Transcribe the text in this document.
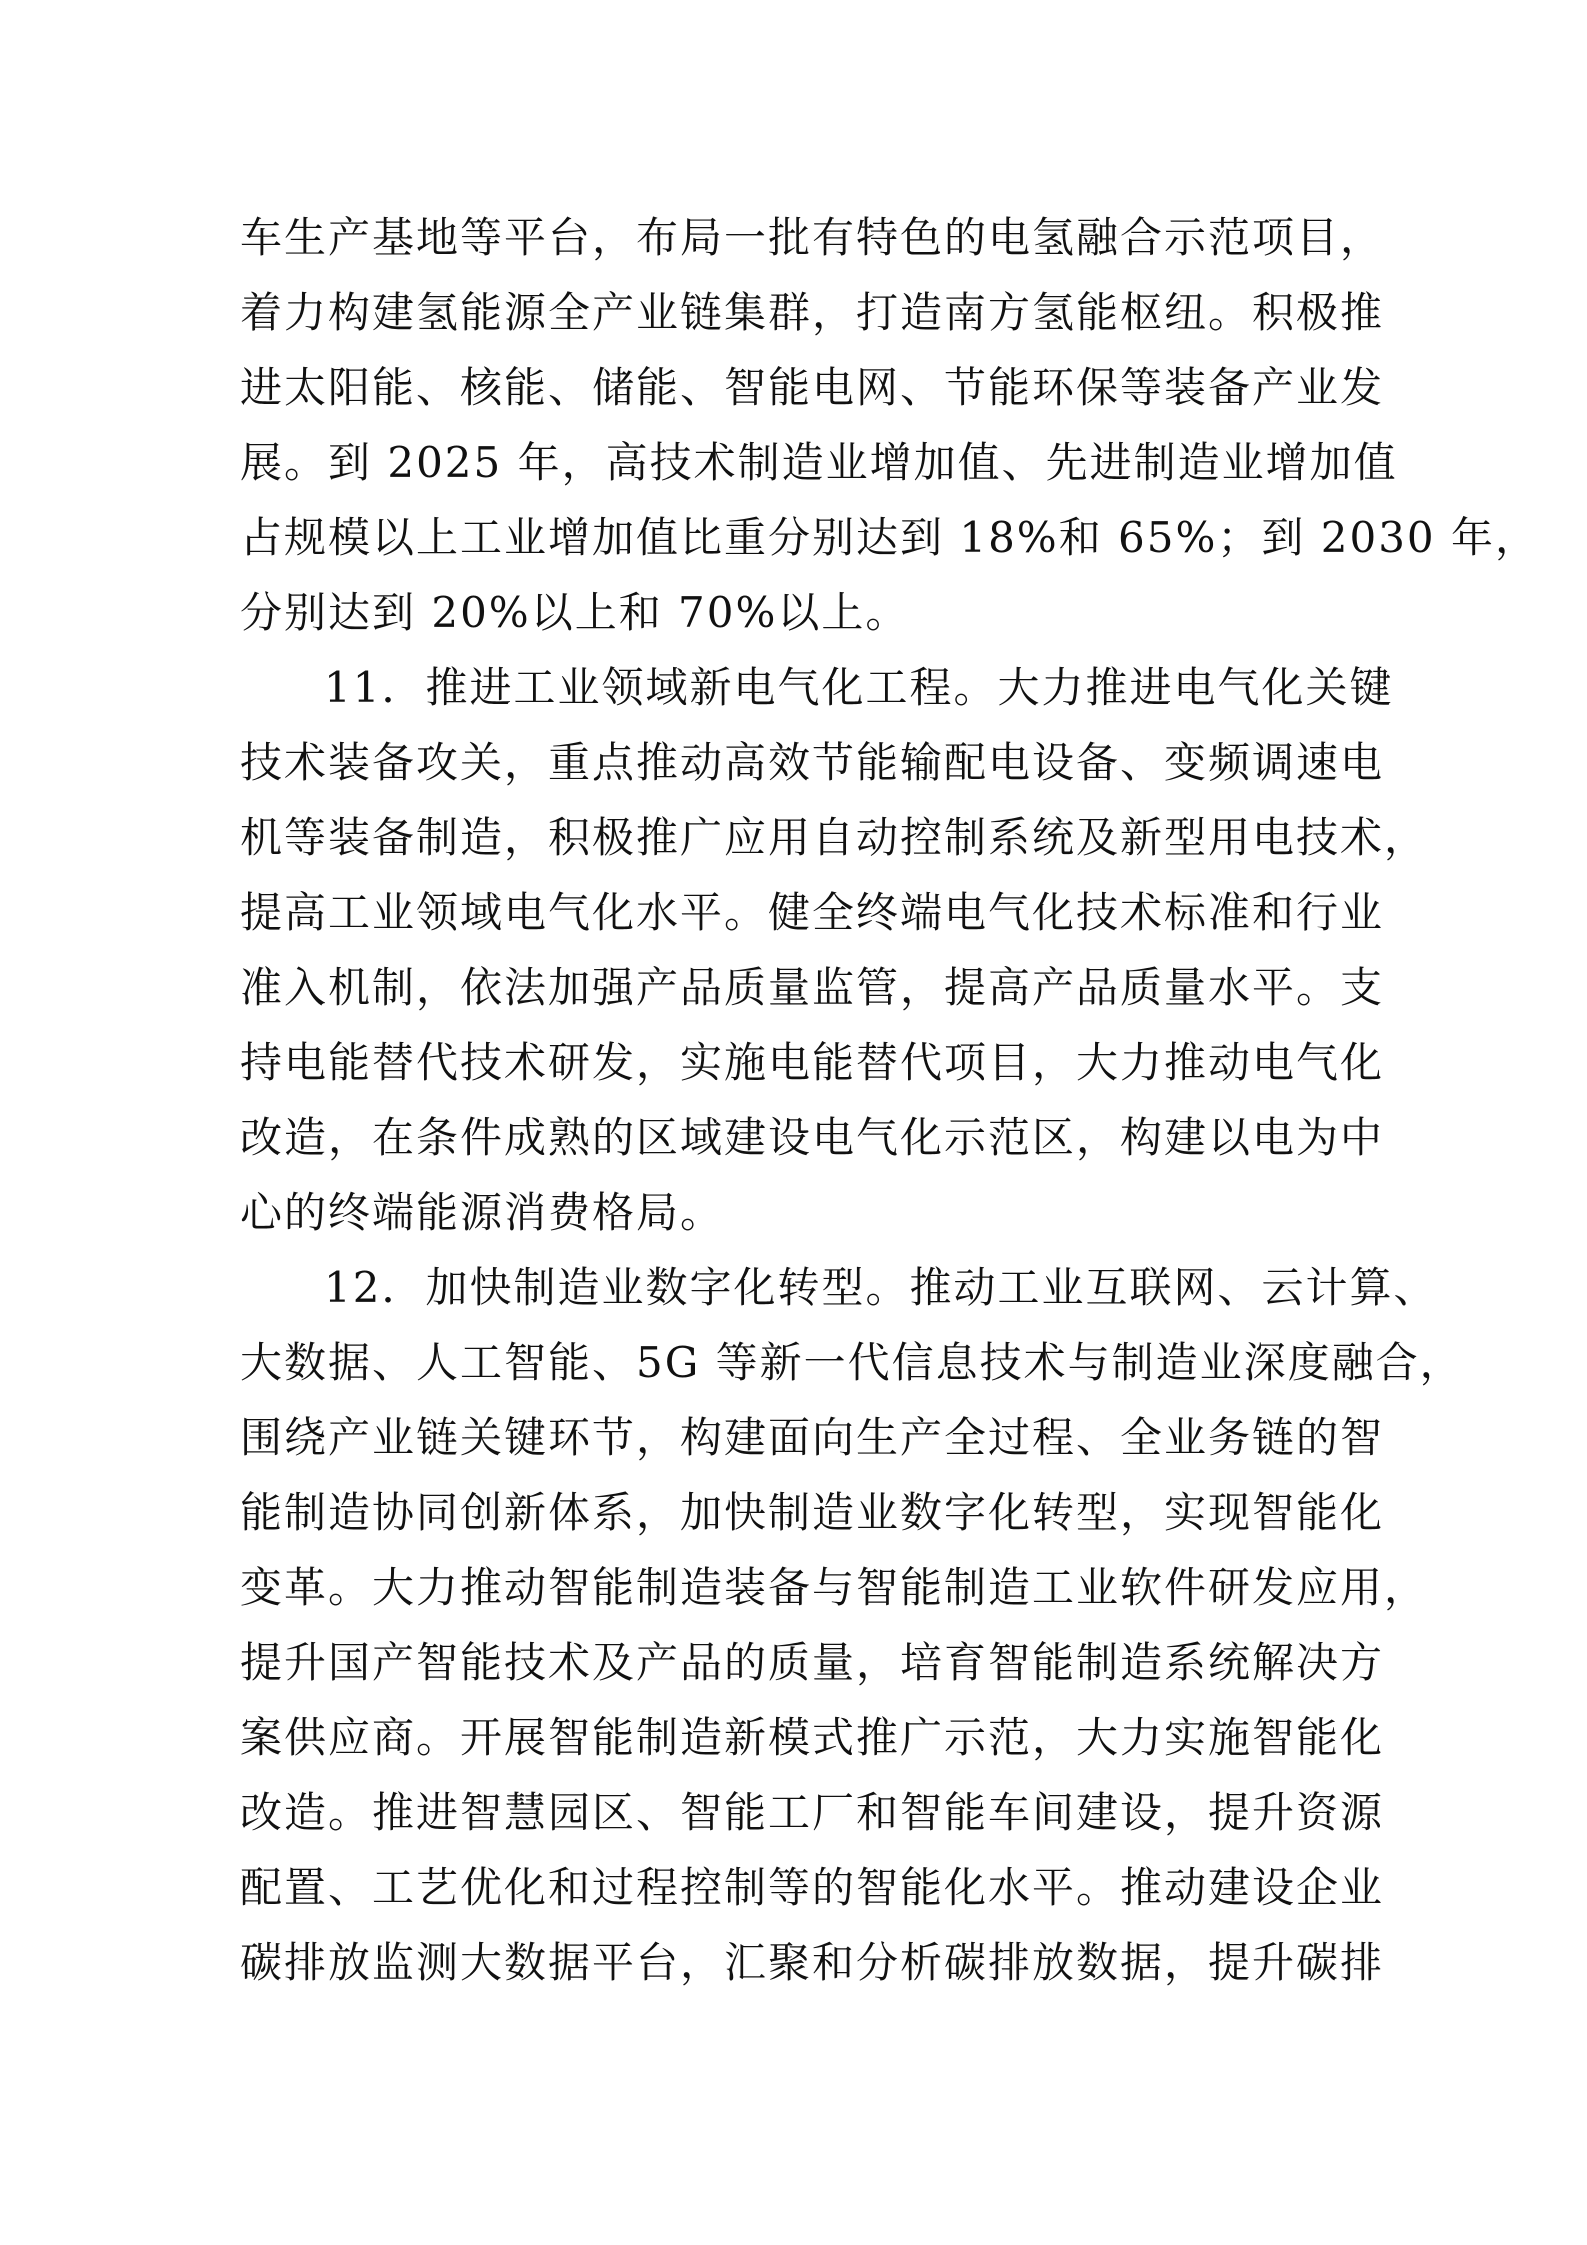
车生产基地等平台，布局一批有特色的电氢融合示范项目，
着力构建氢能源全产业链集群，打造南方氢能枢纽。积极推
进太阳能、核能、储能、智能电网、节能环保等装备产业发
展。到 2025 年，高技术制造业增加值、先进制造业增加值
占规模以上工业增加值比重分别达到 18%和 65%；到 2030 年，
分别达到 20%以上和 70%以上。
11．推进工业领域新电气化工程。大力推进电气化关键
技术装备攻关，重点推动高效节能输配电设备、变频调速电
机等装备制造，积极推广应用自动控制系统及新型用电技术，
提高工业领域电气化水平。健全终端电气化技术标准和行业
准入机制，依法加强产品质量监管，提高产品质量水平。支
持电能替代技术研发，实施电能替代项目，大力推动电气化
改造，在条件成熟的区域建设电气化示范区，构建以电为中
心的终端能源消费格局。
12．加快制造业数字化转型。推动工业互联网、云计算、
大数据、人工智能、5G 等新一代信息技术与制造业深度融合，
围绕产业链关键环节，构建面向生产全过程、全业务链的智
能制造协同创新体系，加快制造业数字化转型，实现智能化
变革。大力推动智能制造装备与智能制造工业软件研发应用，
提升国产智能技术及产品的质量，培育智能制造系统解决方
案供应商。开展智能制造新模式推广示范，大力实施智能化
改造。推进智慧园区、智能工厂和智能车间建设，提升资源
配置、工艺优化和过程控制等的智能化水平。推动建设企业
碳排放监测大数据平台，汇聚和分析碳排放数据，提升碳排
